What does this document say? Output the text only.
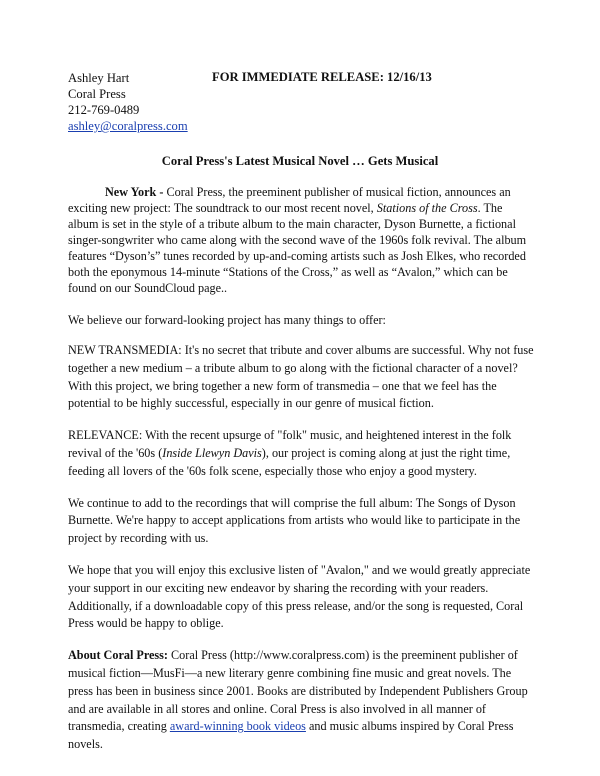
Ashley Hart
Coral Press
212-769-0489
ashley@coralpress.com
FOR IMMEDIATE RELEASE: 12/16/13
Coral Press's Latest Musical Novel … Gets Musical

New York - Coral Press, the preeminent publisher of musical fiction, announces an exciting new project: The soundtrack to our most recent novel, Stations of the Cross. The album is set in the style of a tribute album to the main character, Dyson Burnette, a fictional singer-songwriter who came along with the second wave of the 1960s folk revival. The album features “Dyson’s” tunes recorded by up-and-coming artists such as Josh Elkes, who recorded both the eponymous 14-minute “Stations of the Cross,” as well as “Avalon,” which can be found on our SoundCloud page..

We believe our forward-looking project has many things to offer:

NEW TRANSMEDIA: It's no secret that tribute and cover albums are successful. Why not fuse together a new medium – a tribute album to go along with the fictional character of a novel? With this project, we bring together a new form of transmedia – one that we feel has the potential to be highly successful, especially in our genre of musical fiction.

RELEVANCE: With the recent upsurge of "folk" music, and heightened interest in the folk revival of the '60s (Inside Llewyn Davis), our project is coming along at just the right time, feeding all lovers of the '60s folk scene, especially those who enjoy a good mystery.

We continue to add to the recordings that will comprise the full album: The Songs of Dyson Burnette. We're happy to accept applications from artists who would like to participate in the project by recording with us.

We hope that you will enjoy this exclusive listen of "Avalon," and we would greatly appreciate your support in our exciting new endeavor by sharing the recording with your readers. Additionally, if a downloadable copy of this press release, and/or the song is requested, Coral Press would be happy to oblige.

About Coral Press: Coral Press (http://www.coralpress.com) is the preeminent publisher of musical fiction—MusFi—a new literary genre combining fine music and great novels. The press has been in business since 2001. Books are distributed by Independent Publishers Group and are available in all stores and online. Coral Press is also involved in all manner of transmedia, creating award-winning book videos and music albums inspired by Coral Press novels.
